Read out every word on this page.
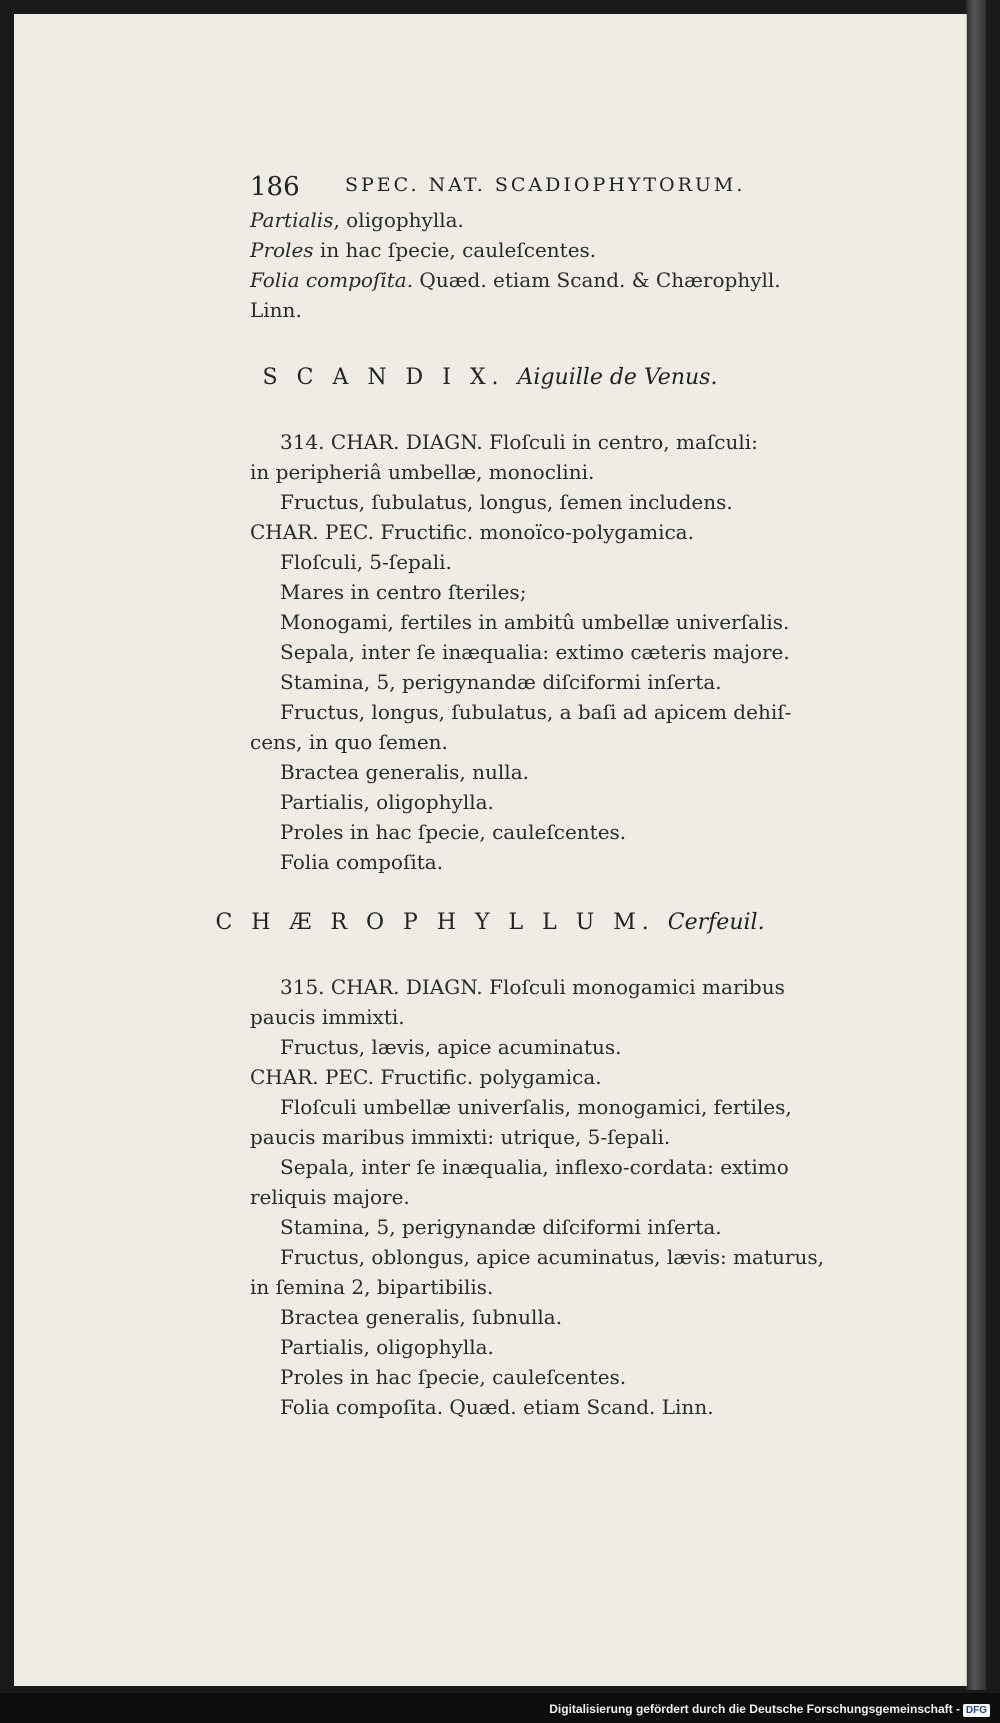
186 SPEC. NAT. SCADIOPHYTORUM.
Partialis, oligophylla.
Proles in hac ſpecie, cauleſcentes.
Folia compoſita. Quæd. etiam Scand. & Chærophyll.
Linn.
S C A N D I X. Aiguille de Venus.
314. CHAR. DIAGN. Floſculi in centro, maſculi:
in peripheriâ umbellæ, monoclini.
Fructus, ſubulatus, longus, ſemen includens.
CHAR. PEC. Fructific. monoïco-polygamica.
Floſculi, 5-ſepali.
Mares in centro ſteriles;
Monogami, fertiles in ambitû umbellæ univerſalis.
Sepala, inter ſe inæqualia: extimo cæteris majore.
Stamina, 5, perigynandæ diſciformi inſerta.
Fructus, longus, ſubulatus, a baſi ad apicem dehiſ-
cens, in quo ſemen.
Bractea generalis, nulla.
Partialis, oligophylla.
Proles in hac ſpecie, cauleſcentes.
Folia compoſita.
C H Æ R O P H Y L L U M. Cerfeuil.
315. CHAR. DIAGN. Floſculi monogamici maribus
paucis immixti.
Fructus, lævis, apice acuminatus.
CHAR. PEC. Fructific. polygamica.
Floſculi umbellæ univerſalis, monogamici, fertiles,
paucis maribus immixti: utrique, 5-ſepali.
Sepala, inter ſe inæqualia, inflexo-cordata: extimo
reliquis majore.
Stamina, 5, perigynandæ diſciformi inſerta.
Fructus, oblongus, apice acuminatus, lævis: maturus,
in ſemina 2, bipartibilis.
Bractea generalis, ſubnulla.
Partialis, oligophylla.
Proles in hac ſpecie, cauleſcentes.
Folia compoſita. Quæd. etiam Scand. Linn.
Digitalisierung gefördert durch die Deutsche Forschungsgemeinschaft - DFG
